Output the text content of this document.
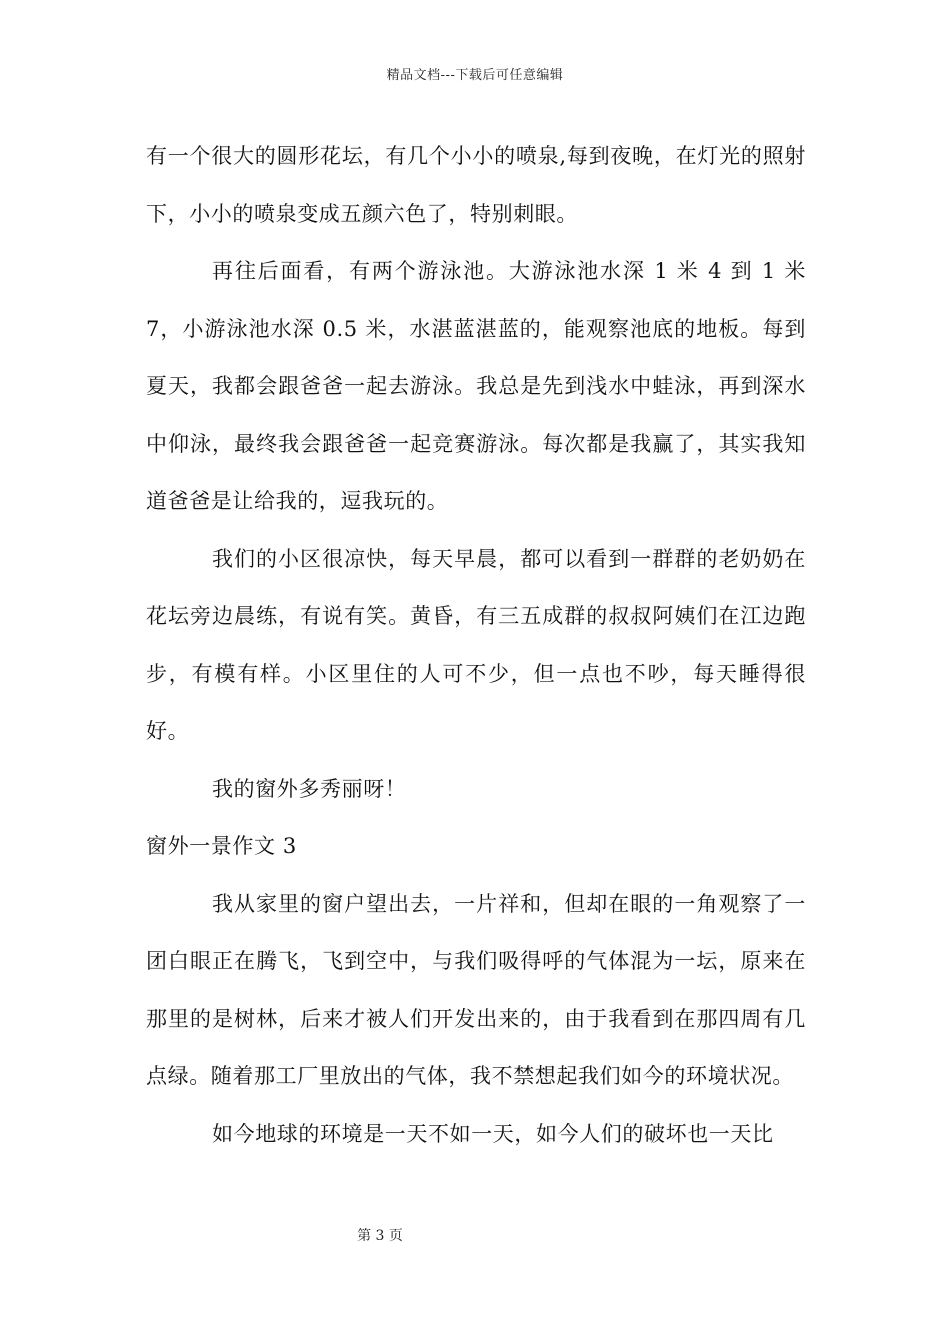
精品文档---下载后可任意编辑

有一个很大的圆形花坛，有几个小小的喷泉,每到夜晚，在灯光的照射下，小小的喷泉变成五颜六色了，特别刺眼。

再往后面看，有两个游泳池。大游泳池水深 1 米 4 到 1 米 7，小游泳池水深 0.5 米，水湛蓝湛蓝的，能观察池底的地板。每到夏天，我都会跟爸爸一起去游泳。我总是先到浅水中蛙泳，再到深水中仰泳，最终我会跟爸爸一起竞赛游泳。每次都是我赢了，其实我知道爸爸是让给我的，逗我玩的。

我们的小区很凉快，每天早晨，都可以看到一群群的老奶奶在花坛旁边晨练，有说有笑。黄昏，有三五成群的叔叔阿姨们在江边跑步，有模有样。小区里住的人可不少，但一点也不吵，每天睡得很好。

我的窗外多秀丽呀！

窗外一景作文 3

我从家里的窗户望出去，一片祥和，但却在眼的一角观察了一团白眼正在腾飞，飞到空中，与我们吸得呼的气体混为一坛，原来在那里的是树林，后来才被人们开发出来的，由于我看到在那四周有几点绿。随着那工厂里放出的气体，我不禁想起我们如今的环境状况。

如今地球的环境是一天不如一天，如今人们的破坏也一天比

第 3 页
